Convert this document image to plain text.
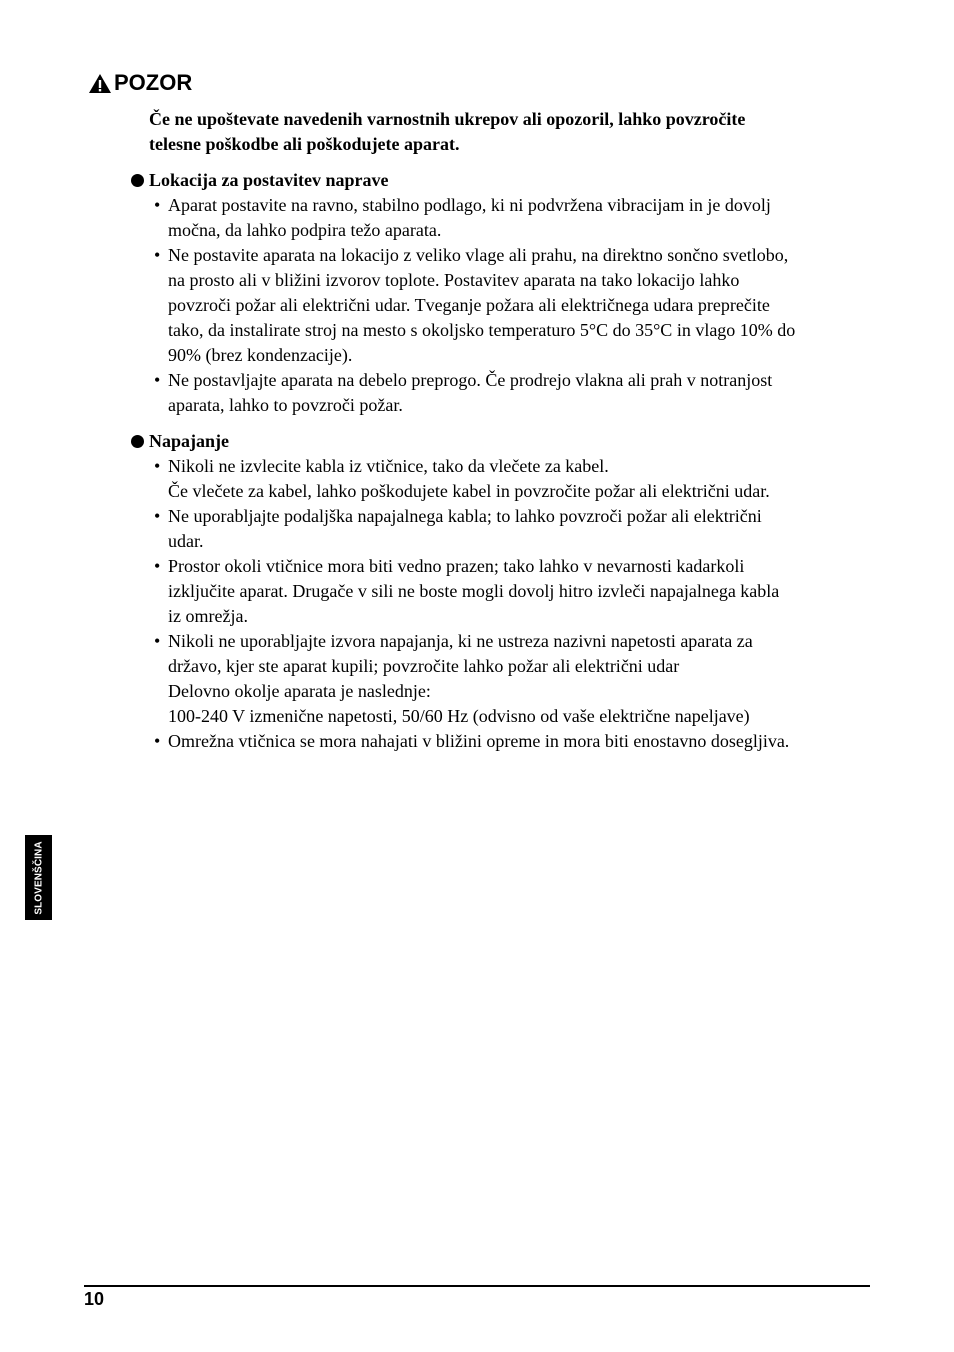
POZOR

Če ne upoštevate navedenih varnostnih ukrepov ali opozoril, lahko povzročite
telesne poškodbe ali poškodujete aparat.

Lokacija za postavitev naprave
• Aparat postavite na ravno, stabilno podlago, ki ni podvržena vibracijam in je dovolj
močna, da lahko podpira težo aparata.
• Ne postavite aparata na lokacijo z veliko vlage ali prahu, na direktno sončno svetlobo,
na prosto ali v bližini izvorov toplote. Postavitev aparata na tako lokacijo lahko
povzroči požar ali električni udar. Tveganje požara ali električnega udara preprečite
tako, da instalirate stroj na mesto s okoljsko temperaturo 5°C do 35°C in vlago 10% do
90% (brez kondenzacije).
• Ne postavljajte aparata na debelo preprogo. Če prodrejo vlakna ali prah v notranjost
aparata, lahko to povzroči požar.
Napajanje
• Nikoli ne izvlecite kabla iz vtičnice, tako da vlečete za kabel.
Če vlečete za kabel, lahko poškodujete kabel in povzročite požar ali električni udar.
• Ne uporabljajte podaljška napajalnega kabla; to lahko povzroči požar ali električni
udar.
• Prostor okoli vtičnice mora biti vedno prazen; tako lahko v nevarnosti kadarkoli
izključite aparat. Drugače v sili ne boste mogli dovolj hitro izvleči napajalnega kabla
iz omrežja.
• Nikoli ne uporabljajte izvora napajanja, ki ne ustreza nazivni napetosti aparata za
državo, kjer ste aparat kupili; povzročite lahko požar ali električni udar
Delovno okolje aparata je naslednje:
100-240 V izmenične napetosti, 50/60 Hz (odvisno od vaše električne napeljave)
• Omrežna vtičnica se mora nahajati v bližini opreme in mora biti enostavno dosegljiva.
SLOVENŠČINA
10
